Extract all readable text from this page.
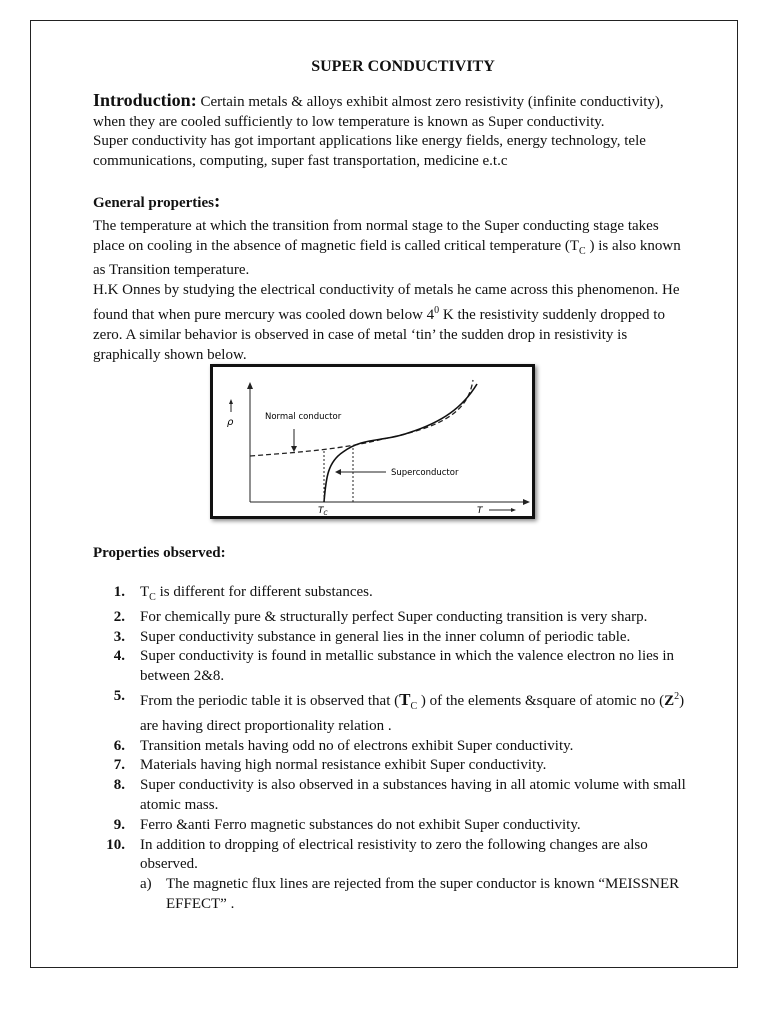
SUPER CONDUCTIVITY
Introduction: Certain metals & alloys exhibit almost zero resistivity (infinite conductivity), when they are cooled sufficiently to low temperature is known as Super conductivity.
Super conductivity has got important applications like energy fields, energy technology, tele communications, computing, super fast transportation, medicine e.t.c
General properties:
The temperature at which the transition from normal stage to the Super conducting stage takes place on cooling in the absence of magnetic field is called critical temperature ($T_C$ ) is also known as Transition temperature.
H.K Onnes by studying the electrical conductivity of metals he came across this phenomenon. He found that when pure mercury was cooled down below $4^0$ K the resistivity suddenly dropped to zero. A similar behavior is observed in case of metal ‘tin’ the sudden drop in resistivity is graphically shown below.
ρ	Normal conductor
Superconductor
$T_C$	T
Properties observed:
1. $T_C$ is different for different substances.
2. For chemically pure & structurally perfect Super conducting transition is very sharp.
3. Super conductivity substance in general lies in the inner column of periodic table.
4. Super conductivity is found in metallic substance in which the valence electron no lies in between 2&8.
5. From the periodic table it is observed that ($T_C$ ) of the elements &square of atomic no $(Z^2)$ are having direct proportionality relation .
6. Transition metals having odd no of electrons exhibit Super conductivity.
7. Materials having high normal resistance exhibit Super conductivity.
8. Super conductivity is also observed in a substances having in all atomic volume with small atomic mass.
9. Ferro &anti Ferro magnetic substances do not exhibit Super conductivity.
10. In addition to dropping of electrical resistivity to zero the following changes are also observed.
a) The magnetic flux lines are rejected from the super conductor is known “MEISSNER EFFECT” .
